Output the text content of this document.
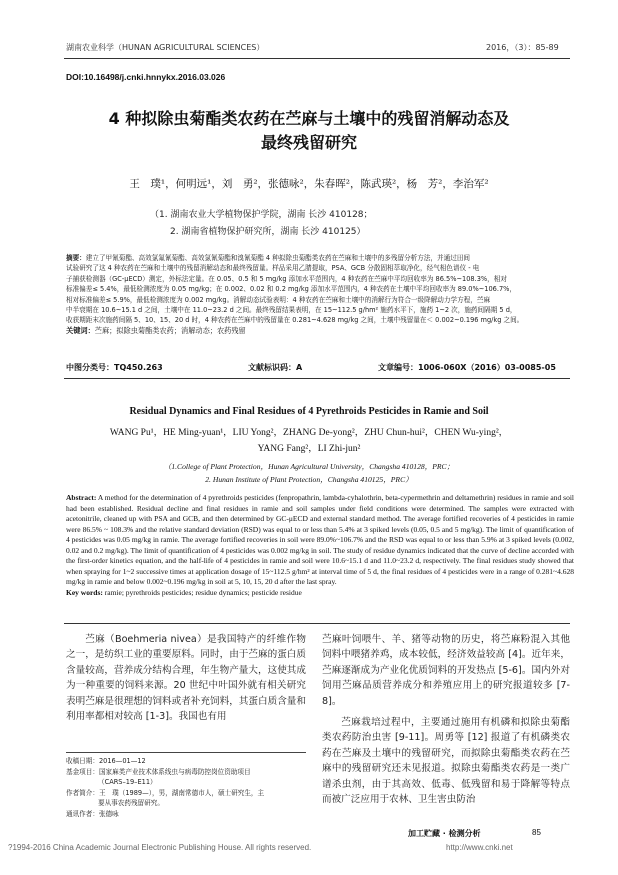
湖南农业科学（HUNAN AGRICULTURAL SCIENCES）	2016，（3）：85-89
DOI:10.16498/j.cnki.hnnykx.2016.03.026
4 种拟除虫菊酯类农药在苎麻与土壤中的残留消解动态及
最终残留研究
王　璞¹，何明远¹，刘　勇²，张德咏²，朱春晖²，陈武瑛²，杨　芳²，李治军²
（1. 湖南农业大学植物保护学院，湖南 长沙 410128；
2. 湖南省植物保护研究所，湖南 长沙 410125）
摘要：建立了甲氰菊酯、高效氯氟氰菊酯、高效氯氰菊酯和溴氰菊酯 4 种拟除虫菊酯类农药在苎麻和土壤中的多残留分析方法，并通过田间
试验研究了这 4 种农药在苎麻和土壤中的残留消解动态和最终残留量。样品采用乙腈提取，PSA、GCB 分散固相萃取净化，经气相色谱仪 - 电
子捕获检测器（GC-μECD）测定，外标法定量。在 0.05、0.5 和 5 mg/kg 添加水平范围内，4 种农药在苎麻中平均回收率为 86.5%~108.3%，相对
标准偏差≤ 5.4%，最低检测浓度为 0.05 mg/kg；在 0.002、0.02 和 0.2 mg/kg 添加水平范围内，4 种农药在土壤中平均回收率为 89.0%~106.7%，
相对标准偏差≤ 5.9%，最低检测浓度为 0.002 mg/kg。消解动态试验表明：4 种农药在苎麻和土壤中的消解行为符合一级降解动力学方程，苎麻
中半衰期在 10.6~15.1 d 之间，土壤中在 11.0~23.2 d 之间。最终残留结果表明，在 15~112.5 g/hm² 施药水平下，施药 1~2 次，施药间隔期 5 d，
收获期距末次施药间隔 5、10、15、20 d 时，4 种农药在苎麻中的残留量在 0.281~4.628 mg/kg 之间，土壤中残留量在＜ 0.002~0.196 mg/kg 之间。
关键词：苎麻；拟除虫菊酯类农药；消解动态；农药残留
中图分类号：TQ450.263	文献标识码：A	文章编号：1006-060X（2016）03-0085-05
Residual Dynamics and Final Residues of 4 Pyrethroids Pesticides in Ramie and Soil
WANG Pu¹，HE Ming-yuan¹，LIU Yong²，ZHANG De-yong²，ZHU Chun-hui²，CHEN Wu-ying²，
YANG Fang²，LI Zhi-jun²
（1.College of Plant Protection，Hunan Agricultural University，Changsha 410128，PRC；
2. Hunan Institute of Plant Protection，Changsha 410125，PRC）
Abstract: A method for the determination of 4 pyrethroids pesticides (fenpropathrin, lambda-cyhalothrin, beta-cypermethrin and deltamethrin) residues in ramie and soil had been established. Residual decline and final residues in ramie and soil samples under field conditions were determined. The samples were extracted with acetonitrile, cleaned up with PSA and GCB, and then determined by GC-μECD and external standard method. The average fortified recoveries of 4 pesticides in ramie were 86.5% ~ 108.3% and the relative standard deviation (RSD) was equal to or less than 5.4% at 3 spiked levels (0.05, 0.5 and 5 mg/kg). The limit of quantification of 4 pesticides was 0.05 mg/kg in ramie. The average fortified recoveries in soil were 89.0%~106.7% and the RSD was equal to or less than 5.9% at 3 spiked levels (0.002, 0.02 and 0.2 mg/kg). The limit of quantification of 4 pesticides was 0.002 mg/kg in soil. The study of residue dynamics indicated that the curve of decline accorded with the first-order kinetics equation, and the half-life of 4 pesticides in ramie and soil were 10.6~15.1 d and 11.0~23.2 d, respectively. The final residues study showed that when spraying for 1~2 successive times at application dosage of 15~112.5 g/hm² at interval time of 5 d, the final residues of 4 pesticides were in a range of 0.281~4.628 mg/kg in ramie and below 0.002~0.196 mg/kg in soil at 5, 10, 15, 20 d after the last spray.
Key words: ramie; pyrethroids pesticides; residue dynamics; pesticide residue
苎麻（Boehmeria nivea）是我国特产的纤维作物之一，是纺织工业的重要原料。同时，由于苎麻的蛋白质含量较高，营养成分结构合理，年生物产量大，这使其成为一种重要的饲料来源。20 世纪中叶国外就有相关研究表明苎麻是很理想的饲料或者补充饲料，其蛋白质含量和利用率都相对较高 [1-3]。我国也有用
收稿日期：2016—01—12
基金项目：国家麻类产业技术体系线虫与病毒防控岗位资助项目
（CARS–19–E11）
作者简介：王　璞（1989—），男，湖南常德市人，硕士研究生，主
要从事农药残留研究。
通讯作者：张德咏
苎麻叶饲喂牛、羊、猪等动物的历史，将苎麻粉混入其他饲料中喂猪养鸡，成本较低，经济效益较高 [4]。近年来，苎麻逐渐成为产业化优质饲料的开发热点 [5-6]。国内外对饲用苎麻品质营养成分和养殖应用上的研究报道较多 [7-8]。
苎麻栽培过程中，主要通过施用有机磷和拟除虫菊酯类农药防治虫害 [9-11]。周勇等 [12] 报道了有机磷类农药在苎麻及土壤中的残留研究，而拟除虫菊酯类农药在苎麻中的残留研究还未见报道。拟除虫菊酯类农药是一类广谱杀虫剂，由于其高效、低毒、低残留和易于降解等特点而被广泛应用于农林、卫生害虫防治
?1994-2016 China Academic Journal Electronic Publishing House. All rights reserved.	http://www.cnki.net
加工贮藏 · 检测分析	85
